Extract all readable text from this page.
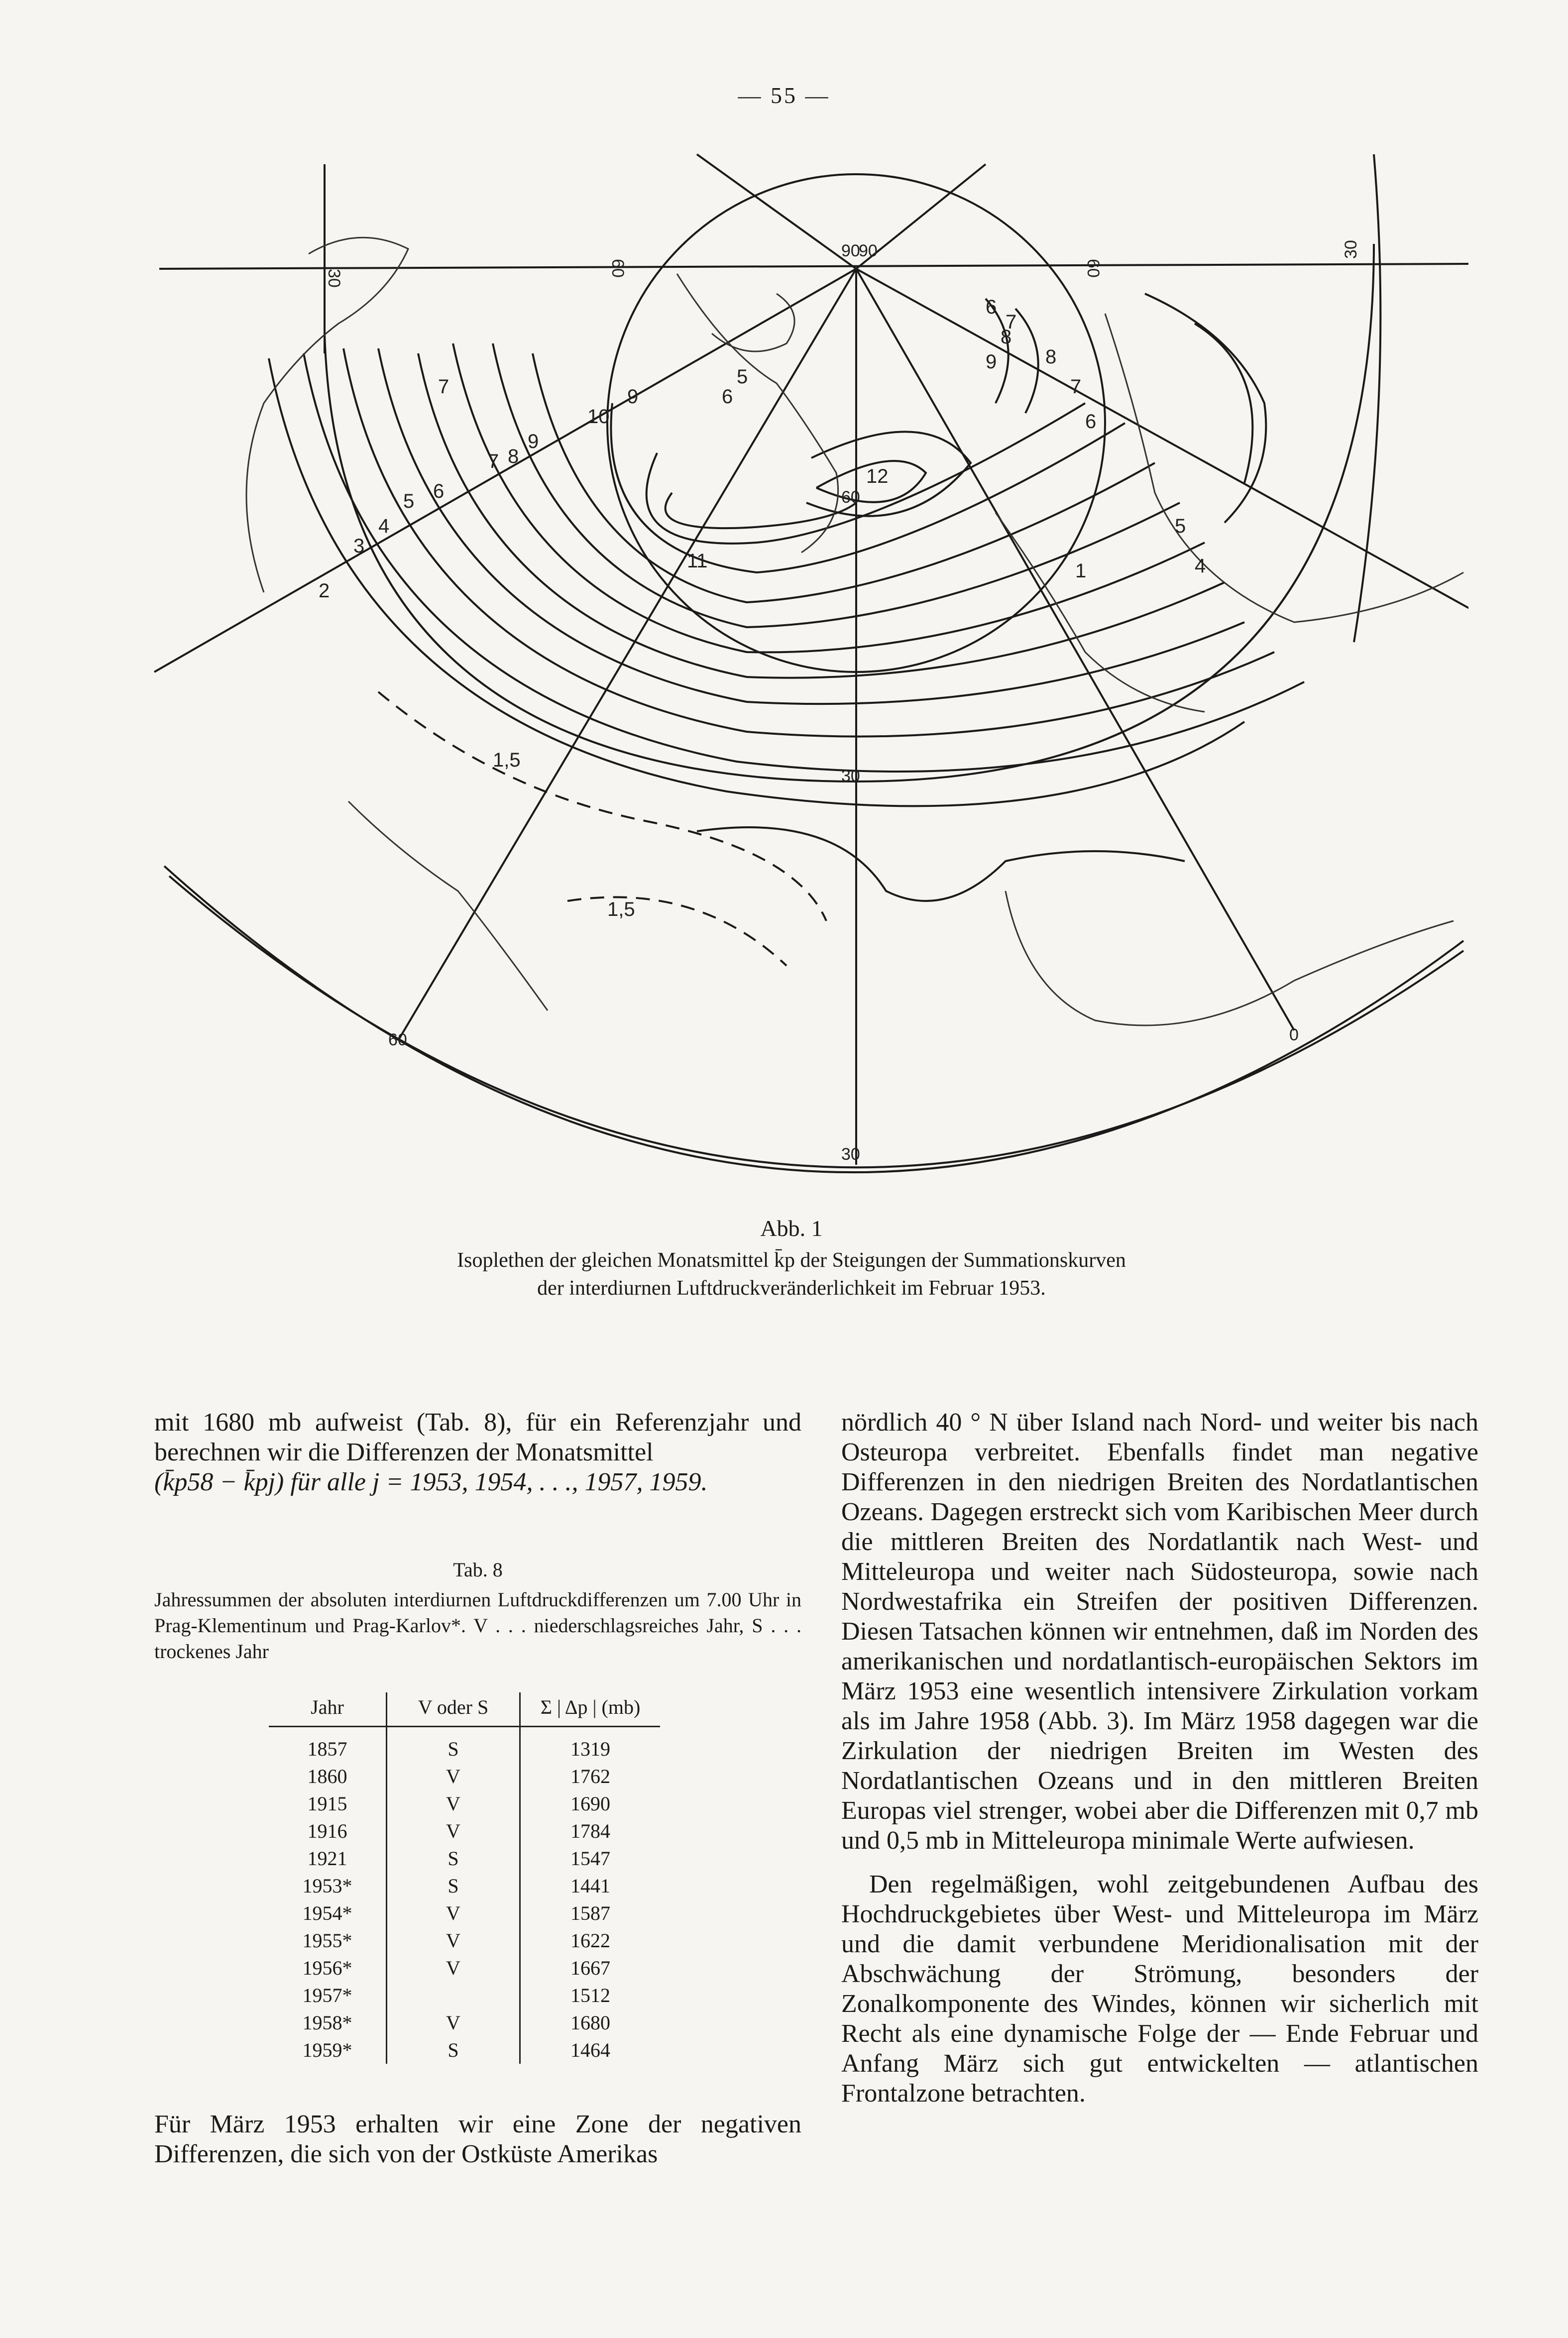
— 55 —
30
60	60
30
60
30
30
60	0
90
90
1
2
3
4
5 6
7
7 8
9
10
9	6
5
11
12
6
7
8
9 8
7
6
5
4
1,5
1,5
Abb. 1
Isoplethen der gleichen Monatsmittel k̄p der Steigungen der Summationskurven der interdiurnen Luftdruckveränderlichkeit im Februar 1953.

mit 1680 mb aufweist (Tab. 8), für ein Referenzjahr und berechnen wir die Differenzen der Monatsmittel

(k̄p58 − k̄pj) für alle j = 1953, 1954, . . ., 1957, 1959.

Tab. 8
Jahressummen der absoluten interdiurnen Luftdruckdifferenzen um 7.00 Uhr in Prag-Klementinum und Prag-Karlov*. V . . . niederschlagsreiches Jahr, S . . . trockenes Jahr
Jahr	V oder S	Σ | Δp | (mb)
1857	S	1319
1860	V	1762
1915	V	1690
1916	V	1784
1921	S	1547
1953*	S	1441
1954*	V	1587
1955*	V	1622
1956*	V	1667
1957*		1512
1958*	V	1680
1959*	S	1464

Für März 1953 erhalten wir eine Zone der negativen Differenzen, die sich von der Ostküste Amerikas

nördlich 40 ° N über Island nach Nord- und weiter bis nach Osteuropa verbreitet. Ebenfalls findet man negative Differenzen in den niedrigen Breiten des Nordatlantischen Ozeans. Dagegen erstreckt sich vom Karibischen Meer durch die mittleren Breiten des Nordatlantik nach West- und Mitteleuropa und weiter nach Südosteuropa, sowie nach Nordwestafrika ein Streifen der positiven Differenzen. Diesen Tatsachen können wir entnehmen, daß im Norden des amerikanischen und nordatlantisch-europäischen Sektors im März 1953 eine wesentlich intensivere Zirkulation vorkam als im Jahre 1958 (Abb. 3). Im März 1958 dagegen war die Zirkulation der niedrigen Breiten im Westen des Nordatlantischen Ozeans und in den mittleren Breiten Europas viel strenger, wobei aber die Differenzen mit 0,7 mb und 0,5 mb in Mitteleuropa minimale Werte aufwiesen.

Den regelmäßigen, wohl zeitgebundenen Aufbau des Hochdruckgebietes über West- und Mitteleuropa im März und die damit verbundene Meridionalisation mit der Abschwächung der Strömung, besonders der Zonalkomponente des Windes, können wir sicherlich mit Recht als eine dynamische Folge der — Ende Februar und Anfang März sich gut entwickelten — atlantischen Frontalzone betrachten.
